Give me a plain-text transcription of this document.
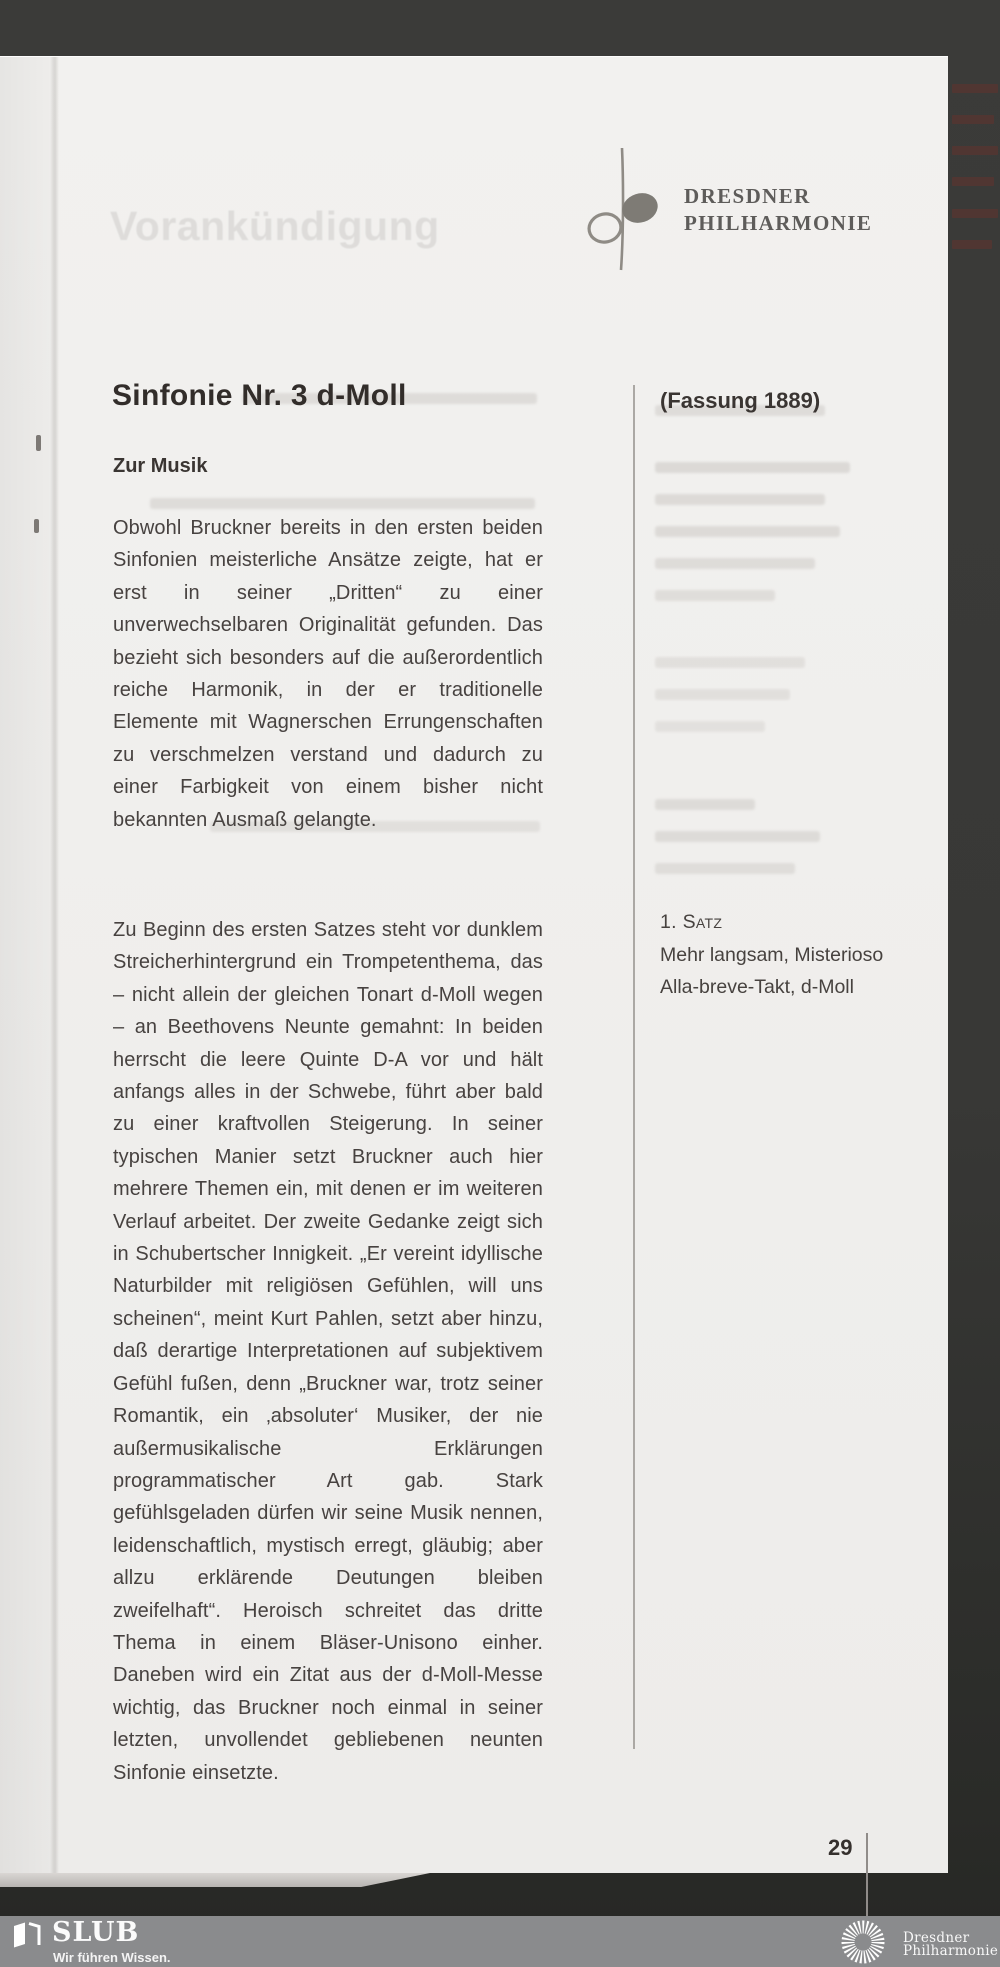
DRESDNER
PHILHARMONIE
Vorankündigung
Sinfonie Nr. 3 d-Moll	(Fassung 1889)
Zur Musik

Obwohl Bruckner bereits in den ersten beiden Sinfonien meisterliche Ansätze zeigte, hat er erst in seiner „Dritten“ zu einer unverwechselbaren Originalität gefunden. Das bezieht sich besonders auf die außerordentlich reiche Harmonik, in der er traditionelle Elemente mit Wagnerschen Errungenschaften zu verschmelzen verstand und dadurch zu einer Farbigkeit von einem bisher nicht bekannten Ausmaß gelangte.

Zu Beginn des ersten Satzes steht vor dunklem Streicherhintergrund ein Trompetenthema, das – nicht allein der gleichen Tonart d-Moll wegen – an Beethovens Neunte gemahnt: In beiden herrscht die leere Quinte D-A vor und hält anfangs alles in der Schwebe, führt aber bald zu einer kraftvollen Steigerung. In seiner typischen Manier setzt Bruckner auch hier mehrere Themen ein, mit denen er im weiteren Verlauf arbeitet. Der zweite Gedanke zeigt sich in Schubertscher Innigkeit. „Er vereint idyllische Naturbilder mit religiösen Gefühlen, will uns scheinen“, meint Kurt Pahlen, setzt aber hinzu, daß derartige Interpretationen auf subjektivem Gefühl fußen, denn „Bruckner war, trotz seiner Romantik, ein ‚absoluter‘ Musiker, der nie außermusikalische Erklärungen programmatischer Art gab. Stark gefühlsgeladen dürfen wir seine Musik nennen, leidenschaftlich, mystisch erregt, gläubig; aber allzu erklärende Deutungen bleiben zweifelhaft“. Heroisch schreitet das dritte Thema in einem Bläser-Unisono einher. Daneben wird ein Zitat aus der d-Moll-Messe wichtig, das Bruckner noch einmal in seiner letzten, unvollendet gebliebenen neunten Sinfonie einsetzte.

1. Satz
Mehr langsam, Misterioso
Alla-breve-Takt, d-Moll
29
SLUB
Wir führen Wissen.
Dresdner
Philharmonie
